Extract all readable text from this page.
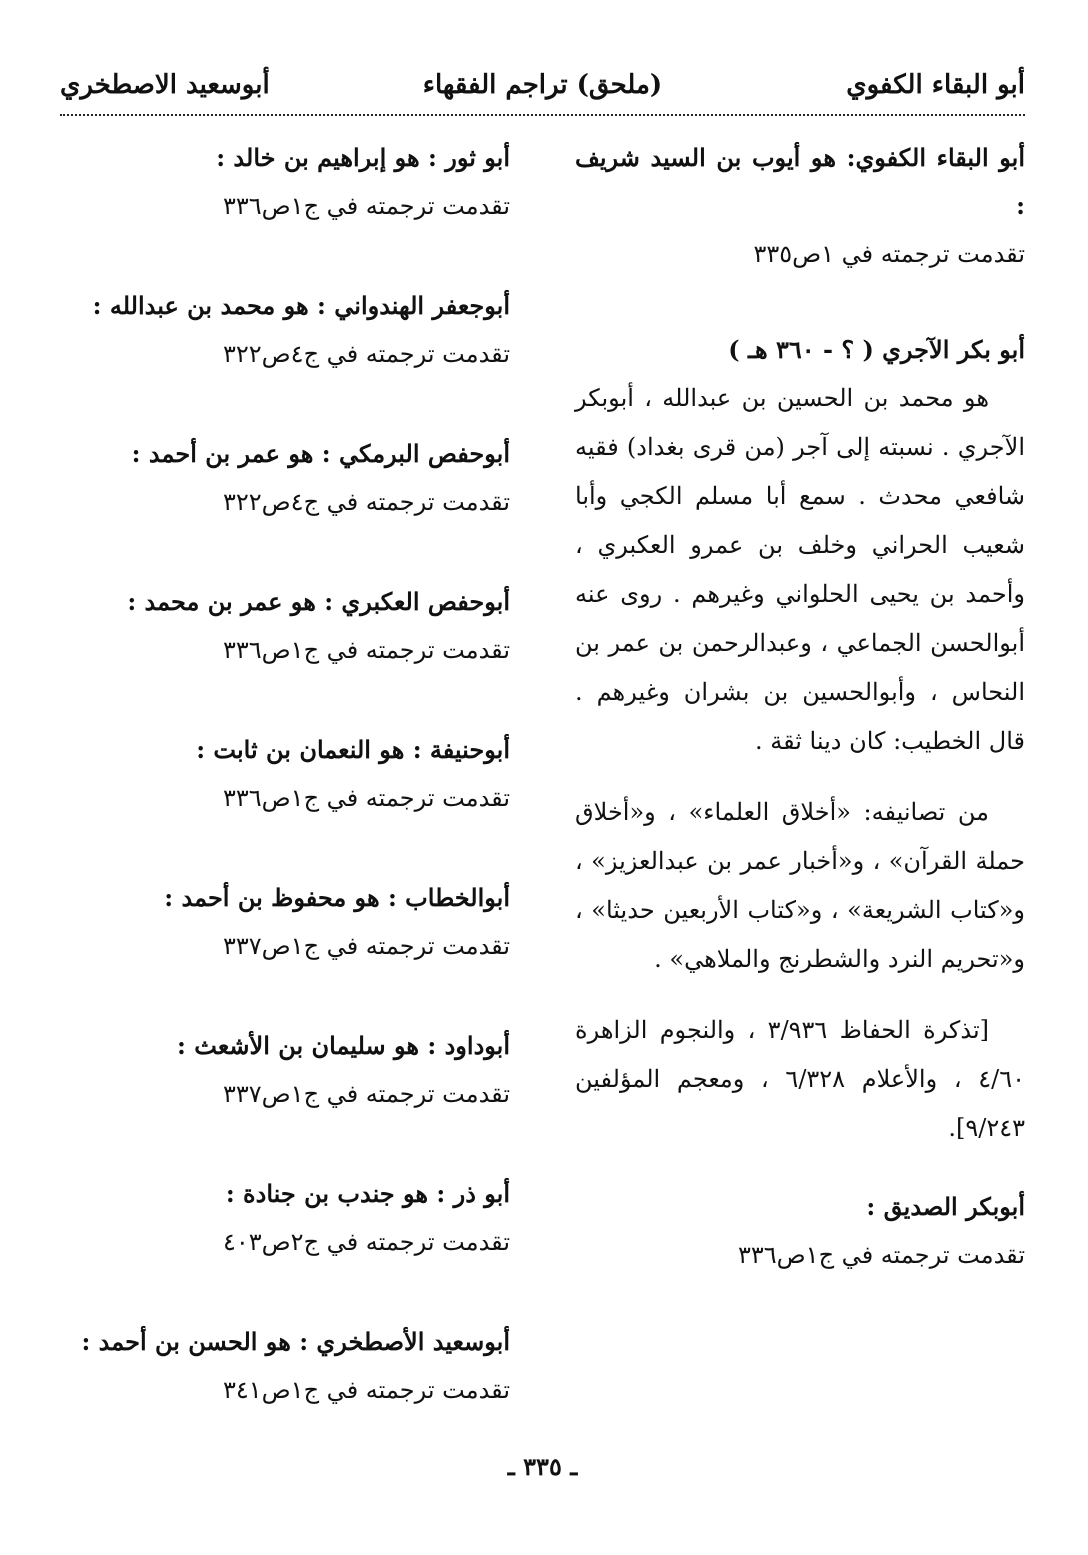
أبو البقاء الكفوي
(ملحق) تراجم الفقهاء
أبوسعيد الاصطخري
أبو البقاء الكفوي: هو أيوب بن السيد شريف :
تقدمت ترجمته في ١ص٣٣٥
أبو بكر الآجري ( ؟ - ٣٦٠ هـ )

هو محمد بن الحسين بن عبدالله ، أبوبكر الآجري . نسبته إلى آجر (من قرى بغداد) فقيه شافعي محدث . سمع أبا مسلم الكجي وأبا شعيب الحراني وخلف بن عمرو العكبري ، وأحمد بن يحيى الحلواني وغيرهم . روى عنه أبوالحسن الجماعي ، وعبدالرحمن بن عمر بن النحاس ، وأبوالحسين بن بشران وغيرهم . قال الخطيب: كان دينا ثقة .

من تصانيفه: «أخلاق العلماء» ، و«أخلاق حملة القرآن» ، و«أخبار عمر بن عبدالعزيز» ، و«كتاب الشريعة» ، و«كتاب الأربعين حديثا» ، و«تحريم النرد والشطرنج والملاهي» .

[تذكرة الحفاظ ٣/٩٣٦ ، والنجوم الزاهرة ٤/٦٠ ، والأعلام ٦/٣٢٨ ، ومعجم المؤلفين ٩/٢٤٣].

أبوبكر الصديق :
تقدمت ترجمته في ج١ص٣٣٦
أبو ثور : هو إبراهيم بن خالد :
تقدمت ترجمته في ج١ص٣٣٦
أبوجعفر الهندواني : هو محمد بن عبدالله :
تقدمت ترجمته في ج٤ص٣٢٢
أبوحفص البرمكي : هو عمر بن أحمد :
تقدمت ترجمته في ج٤ص٣٢٢
أبوحفص العكبري : هو عمر بن محمد :
تقدمت ترجمته في ج١ص٣٣٦
أبوحنيفة : هو النعمان بن ثابت :
تقدمت ترجمته في ج١ص٣٣٦
أبوالخطاب : هو محفوظ بن أحمد :
تقدمت ترجمته في ج١ص٣٣٧
أبوداود : هو سليمان بن الأشعث :
تقدمت ترجمته في ج١ص٣٣٧
أبو ذر : هو جندب بن جنادة :
تقدمت ترجمته في ج٢ص٤٠٣
أبوسعيد الأصطخري : هو الحسن بن أحمد :
تقدمت ترجمته في ج١ص٣٤١
ـ ٣٣٥ ـ
